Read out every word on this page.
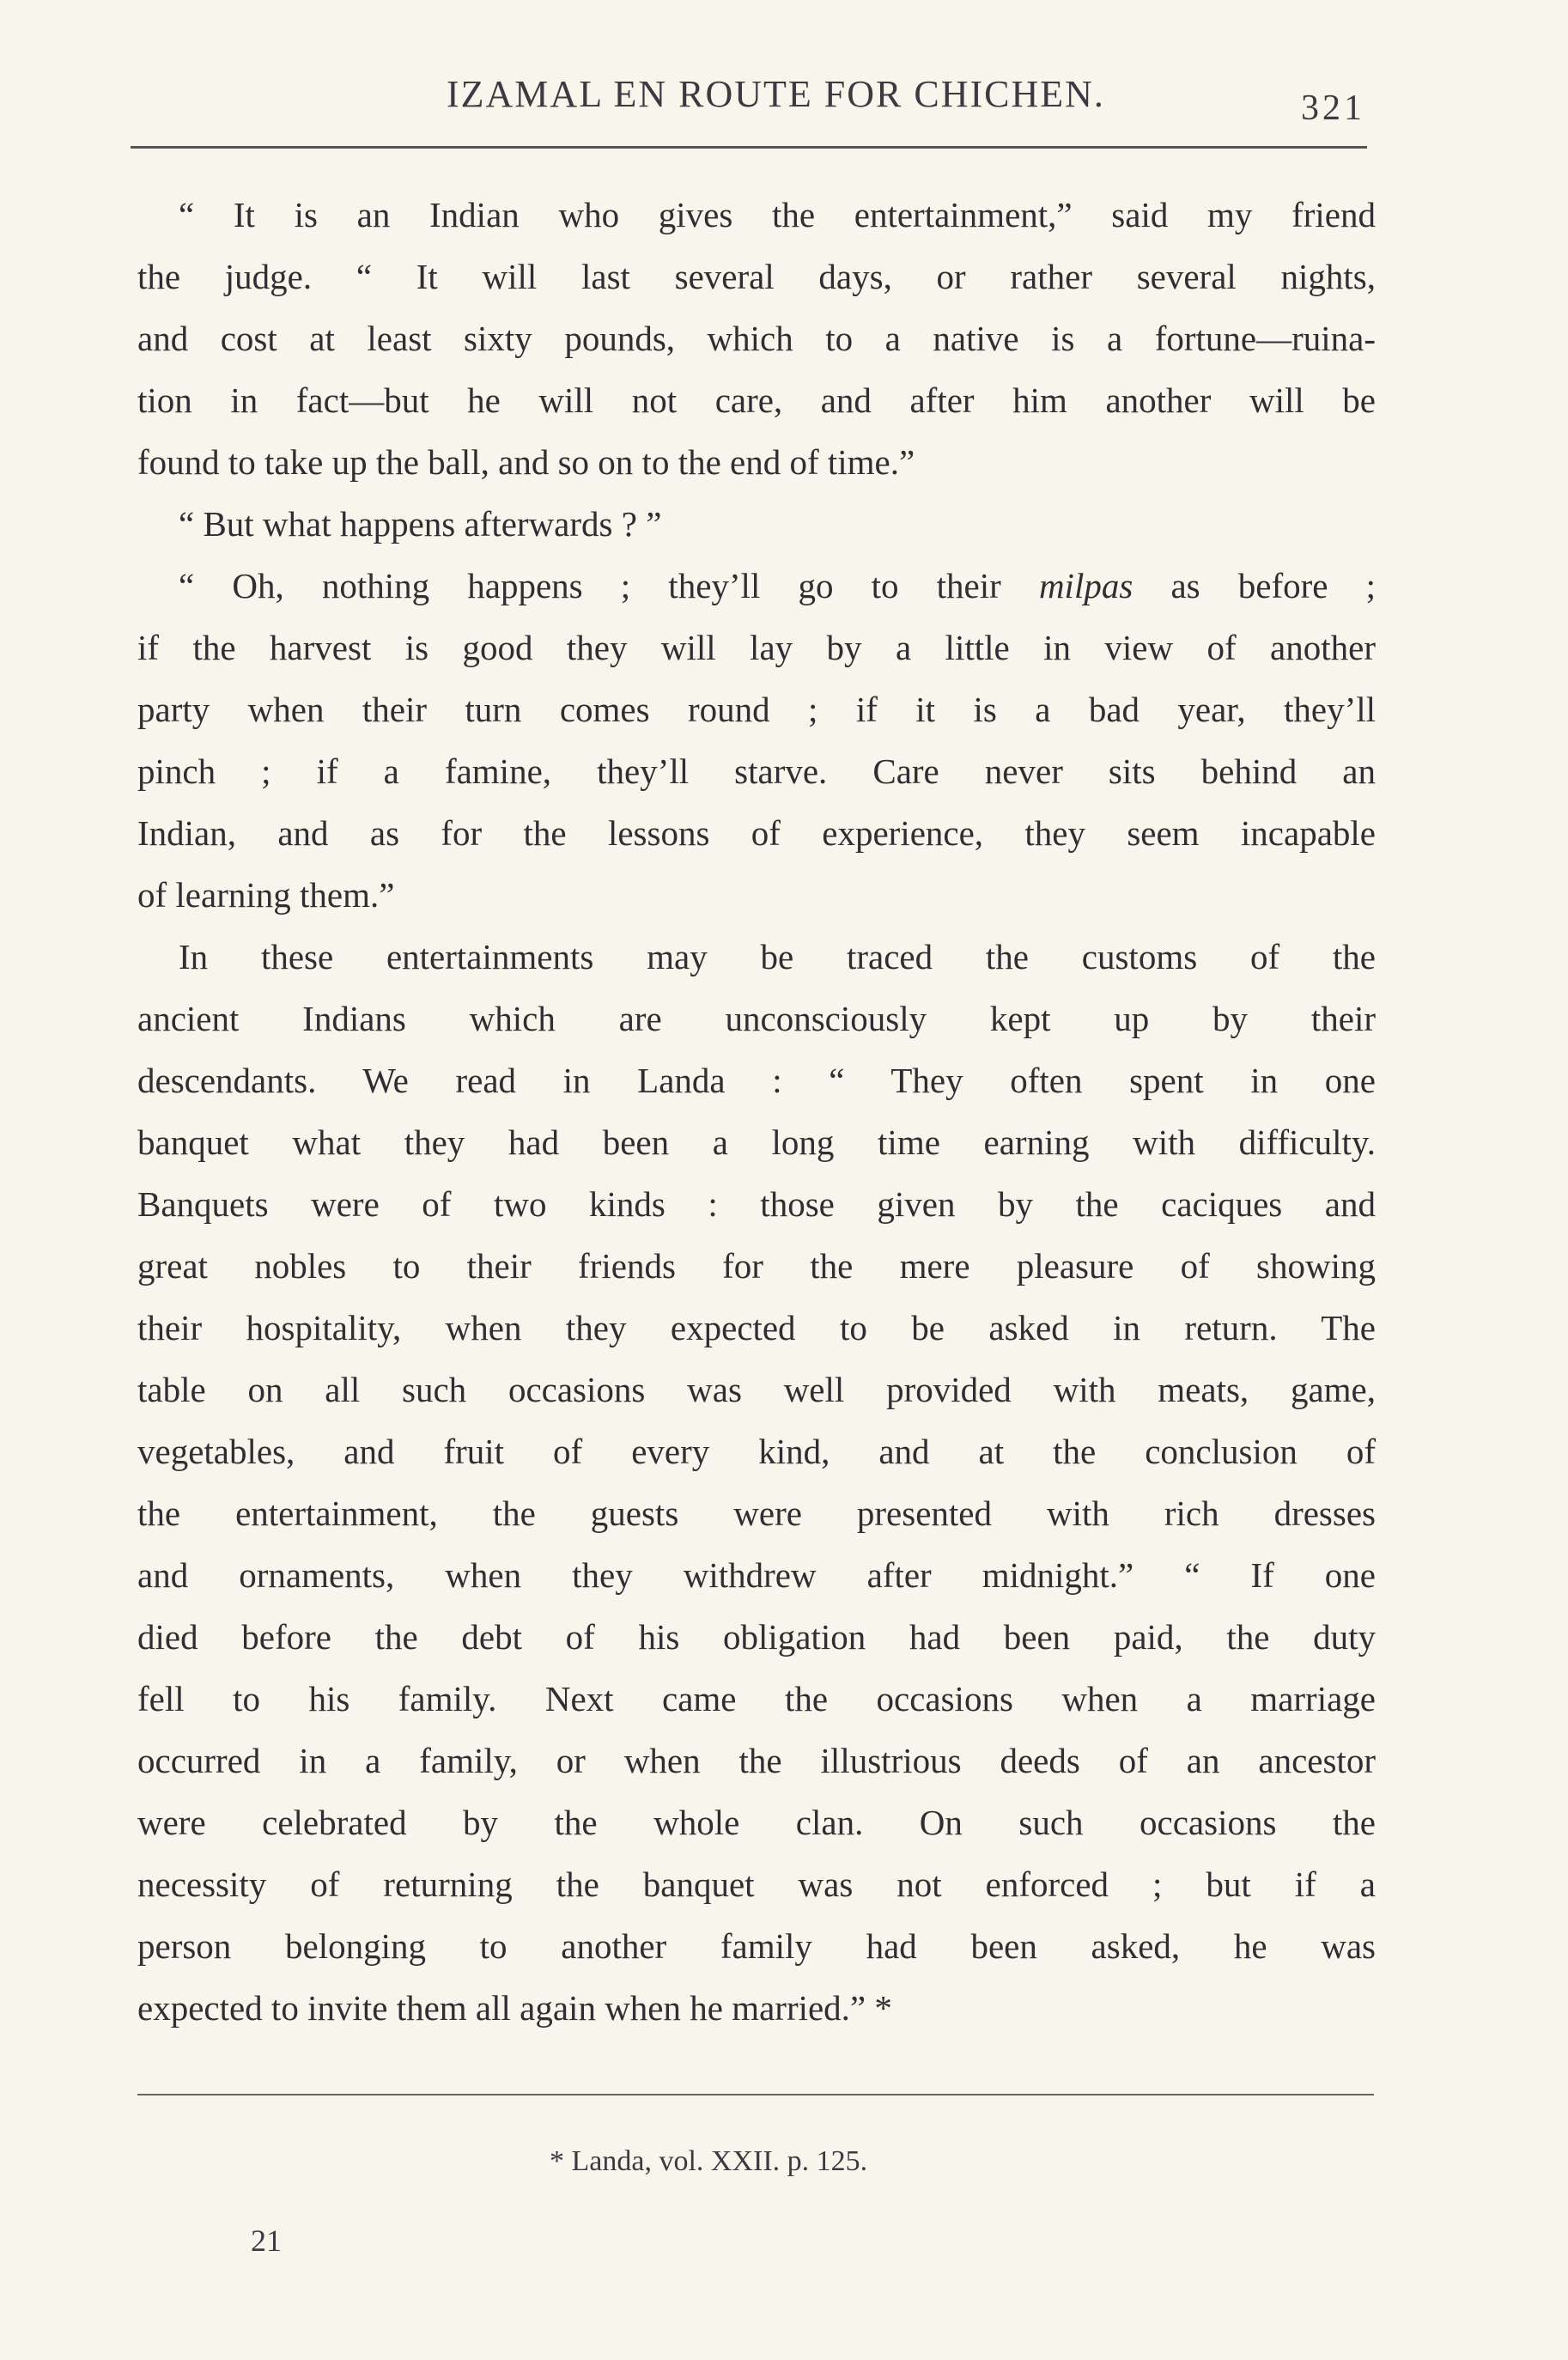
IZAMAL EN ROUTE FOR CHICHEN.	321
“ It is an Indian who gives the entertainment,” said my friend
the judge. “ It will last several days, or rather several nights,
and cost at least sixty pounds, which to a native is a fortune—ruina-
tion in fact—but he will not care, and after him another will be
found to take up the ball, and so on to the end of time.”
“ But what happens afterwards ? ”
“ Oh, nothing happens ; they’ll go to their milpas as before ;
if the harvest is good they will lay by a little in view of another
party when their turn comes round ; if it is a bad year, they’ll
pinch ; if a famine, they’ll starve. Care never sits behind an
Indian, and as for the lessons of experience, they seem incapable
of learning them.”
In these entertainments may be traced the customs of the
ancient Indians which are unconsciously kept up by their
descendants. We read in Landa : “ They often spent in one
banquet what they had been a long time earning with difficulty.
Banquets were of two kinds : those given by the caciques and
great nobles to their friends for the mere pleasure of showing
their hospitality, when they expected to be asked in return. The
table on all such occasions was well provided with meats, game,
vegetables, and fruit of every kind, and at the conclusion of
the entertainment, the guests were presented with rich dresses
and ornaments, when they withdrew after midnight.” “ If one
died before the debt of his obligation had been paid, the duty
fell to his family. Next came the occasions when a marriage
occurred in a family, or when the illustrious deeds of an ancestor
were celebrated by the whole clan. On such occasions the
necessity of returning the banquet was not enforced ; but if a
person belonging to another family had been asked, he was
expected to invite them all again when he married.” *
* Landa, vol. XXII. p. 125.
21
